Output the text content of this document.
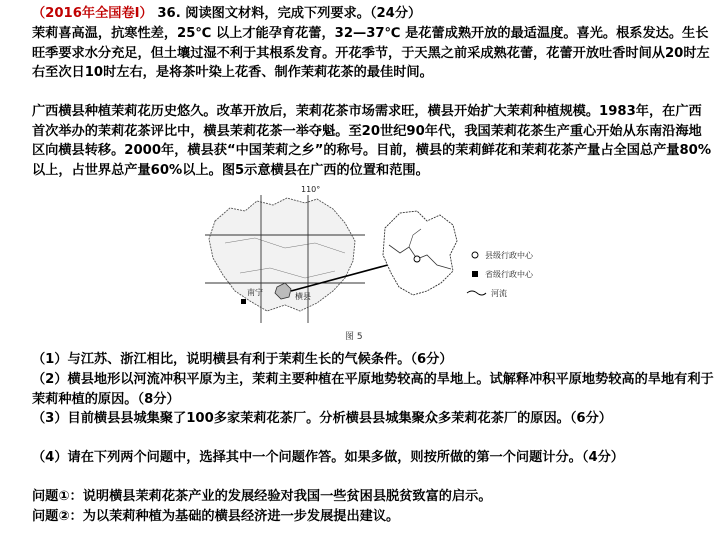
（2016年全国卷Ⅰ） 36. 阅读图文材料，完成下列要求。（24分）

茉莉喜高温，抗寒性差，25℃ 以上才能孕育花蕾，32—37℃ 是花蕾成熟开放的最适温度。喜光。根系发达。生长旺季要求水分充足，但土壤过湿不利于其根系发育。开花季节，于天黑之前采成熟花蕾，花蕾开放吐香时间从20时左右至次日10时左右，是将茶叶染上花香、制作茉莉花茶的最佳时间。

广西横县种植茉莉花历史悠久。改革开放后，茉莉花茶市场需求旺，横县开始扩大茉莉种植规模。1983年，在广西首次举办的茉莉花茶评比中，横县茉莉花茶一举夺魁。至20世纪90年代，我国茉莉花茶生产重心开始从东南沿海地区向横县转移。2000年，横县获“中国茉莉之乡”的称号。目前，横县的茉莉鲜花和茉莉花茶产量占全国总产量80%以上，占世界总产量60%以上。图5示意横县在广西的位置和范围。

110°
南宁	横县
县级行政中心
省级行政中心
河流
图 5

（1）与江苏、浙江相比，说明横县有利于茉莉生长的气候条件。（6分）

（2）横县地形以河流冲积平原为主，茉莉主要种植在平原地势较高的旱地上。试解释冲积平原地势较高的旱地有利于茉莉种植的原因。（8分）

（3）目前横县县城集聚了100多家茉莉花茶厂。分析横县县城集聚众多茉莉花茶厂的原因。（6分）

（4）请在下列两个问题中，选择其中一个问题作答。如果多做，则按所做的第一个问题计分。（4分）

问题①：说明横县茉莉花茶产业的发展经验对我国一些贫困县脱贫致富的启示。

问题②：为以茉莉种植为基础的横县经济进一步发展提出建议。
